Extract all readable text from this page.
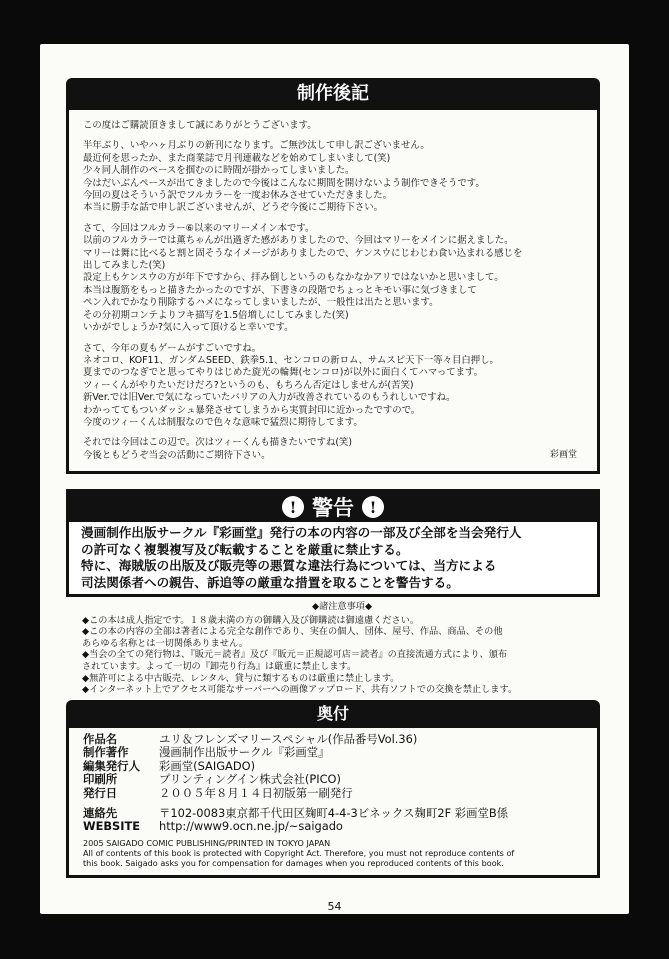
制作後記
この度はご購読頂きまして誠にありがとうございます。
半年ぶり、いやハヶ月ぶりの新刊になります。ご無沙汰して申し訳ございません。
最近何を思ったか、また商業誌で月刊連載などを始めてしまいまして(笑)
少々同人制作のペースを掴むのに時間が掛かってしまいました。
今はだいぶんペースが出てきましたので今後はこんなに期間を開けないよう制作できそうです。
今回の夏はそういう訳でフルカラーを一度お休みさせていただきました。
本当に勝手な話で申し訳ございませんが、どうぞ今後にご期待下さい。
さて、今回はフルカラー⑥以来のマリーメイン本です。
以前のフルカラーでは薫ちゃんが出過ぎた感がありましたので、今回はマリーをメインに据えました。
マリーは舞に比べると割と固そうなイメージがありましたので、ケンスウにじわじわ食い込まれる感じを
出してみました(笑)
設定上もケンスウの方が年下ですから、拝み倒しというのもなかなかアリではないかと思いまして。
本当は腹筋をもっと描きたかったのですが、下書きの段階でちょっとキモい事に気づきまして
ペン入れでかなり削除するハメになってしまいましたが、一般性は出たと思います。
その分初期コンテよりフキ描写を1.5倍増しにしてみました(笑)
いかがでしょうか?気に入って頂けると幸いです。
さて、今年の夏もゲームがすごいですね。
ネオコロ、KOF11、ガンダムSEED、鉄拳5.1、センコロの新ロム、サムスピ天下一等々目白押し。
夏までのつなぎでと思ってやりはじめた旋光の輪舞(センコロ)が以外に面白くてハマってます。
ツィーくんがやりたいだけだろ?というのも、もちろん否定はしませんが(苦笑)
新Ver.では旧Ver.で気になっていたバリアの入力が改善されているのもうれしいですね。
わかっててもついダッシュ暴発させてしまうから実質封印に近かったですので。
今度のツィーくんは制服なので色々な意味で猛烈に期待してます。
それでは今回はこの辺で。次はツィーくんも描きたいですね(笑)
今後ともどうぞ当会の活動にご期待下さい。	彩画堂
! 警告 !
漫画制作出版サークル『彩画堂』発行の本の内容の一部及び全部を当会発行人
の許可なく複製複写及び転載することを厳重に禁止する。
特に、海賊版の出版及び販売等の悪質な違法行為については、当方による
司法関係者への親告、訴追等の厳重な措置を取ることを警告する。
◆諸注意事項◆
◆この本は成人指定です。１８歳未満の方の御購入及び御購読は御遠慮ください。
◆この本の内容の全部は著者による完全な創作であり、実在の個人、団体、屋号、作品、商品、その他
あらゆる名称とは一切関係ありません。
◆当会の全ての発行物は、『販元＝読者』及び『販元＝正規認可店＝読者』の直接流通方式により、頒布
されています。よって一切の『卸売り行為』は厳重に禁止します。
◆無許可による中古販売、レンタル、貸与に類するものは厳重に禁止します。
◆インターネット上でアクセス可能なサーバーへの画像アップロード、共有ソフトでの交換を禁止します。
奥付
作品名	ユリ＆フレンズマリースペシャル(作品番号Vol.36)
制作著作	漫画制作出版サークル『彩画堂』
編集発行人	彩画堂(SAIGADO)
印刷所	プリンティングイン株式会社(PICO)
発行日	２００５年８月１４日初版第一刷発行
連絡先	〒102-0083東京都千代田区麹町4-4-3ビネックス麹町2F 彩画堂B係
WEBSITE	http://www9.ocn.ne.jp/~saigado
2005 SAIGADO COMIC PUBLISHING/PRINTED IN TOKYO JAPAN
All of contents of this book is protected with Copyright Act. Therefore, you must not reproduce contents of
this book. Saigado asks you for compensation for damages when you reproduced contents of this book.
54
